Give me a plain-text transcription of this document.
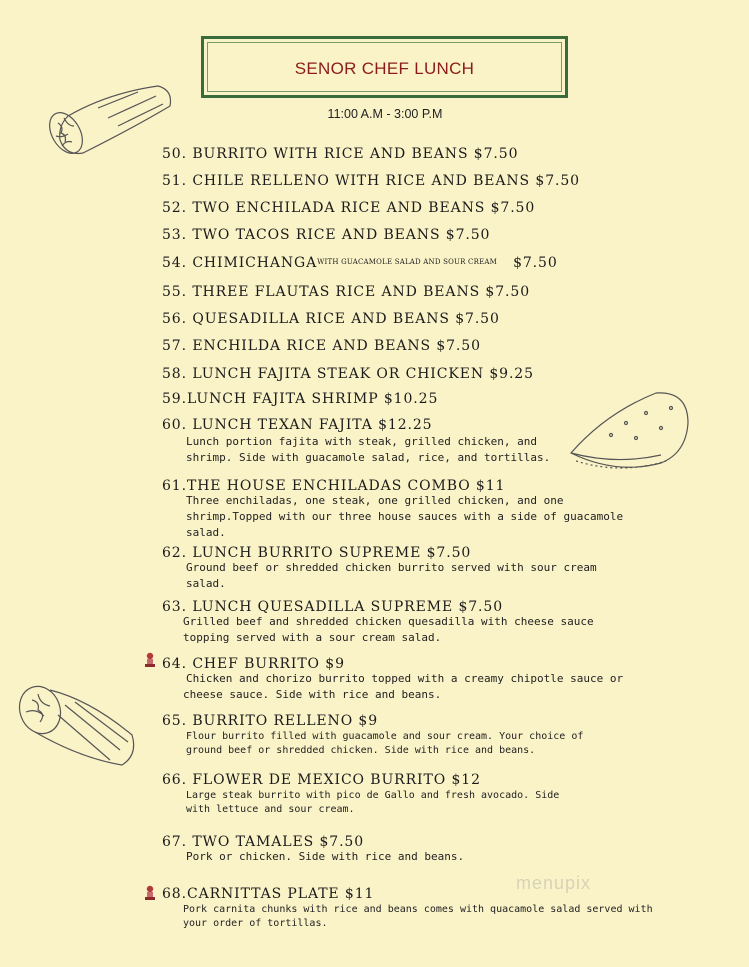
SENOR CHEF LUNCH
11:00 A.M - 3:00 P.M
50. BURRITO WITH RICE AND BEANS $7.50
51. CHILE RELLENO WITH RICE AND BEANS $7.50
52. TWO ENCHILADA RICE AND BEANS $7.50
53. TWO TACOS RICE AND BEANS $7.50
54. CHIMICHANGA$^{WITH GUACAMOLE SALAD AND SOUR CREAM}$ $7.50
55. THREE FLAUTAS RICE AND BEANS $7.50
56. QUESADILLA RICE AND BEANS $7.50
57. ENCHILDA RICE AND BEANS $7.50
58. LUNCH FAJITA STEAK OR CHICKEN $9.25
59.LUNCH FAJITA SHRIMP $10.25
60. LUNCH TEXAN FAJITA $12.25
Lunch portion fajita with steak, grilled chicken, and
shrimp. Side with guacamole salad, rice, and tortillas.
61.THE HOUSE ENCHILADAS COMBO $11
Three enchiladas, one steak, one grilled chicken, and one
shrimp.Topped with our three house sauces with a side of guacamole
salad.
62. LUNCH BURRITO SUPREME $7.50
Ground beef or shredded chicken burrito served with sour cream
salad.
63. LUNCH QUESADILLA SUPREME $7.50
Grilled beef and shredded chicken quesadilla with cheese sauce
topping served with a sour cream salad.
64. CHEF BURRITO $9
Chicken and chorizo burrito topped with a creamy chipotle sauce or
cheese sauce. Side with rice and beans.
65. BURRITO RELLENO $9
Flour burrito filled with guacamole and sour cream. Your choice of
ground beef or shredded chicken. Side with rice and beans.
66. FLOWER DE MEXICO BURRITO $12
Large steak burrito with pico de Gallo and fresh avocado. Side
with lettuce and sour cream.
67. TWO TAMALES $7.50
Pork or chicken. Side with rice and beans.
68.CARNITTAS PLATE $11
Pork carnita chunks with rice and beans comes with quacamole salad served with
your order of tortillas.
menupix
